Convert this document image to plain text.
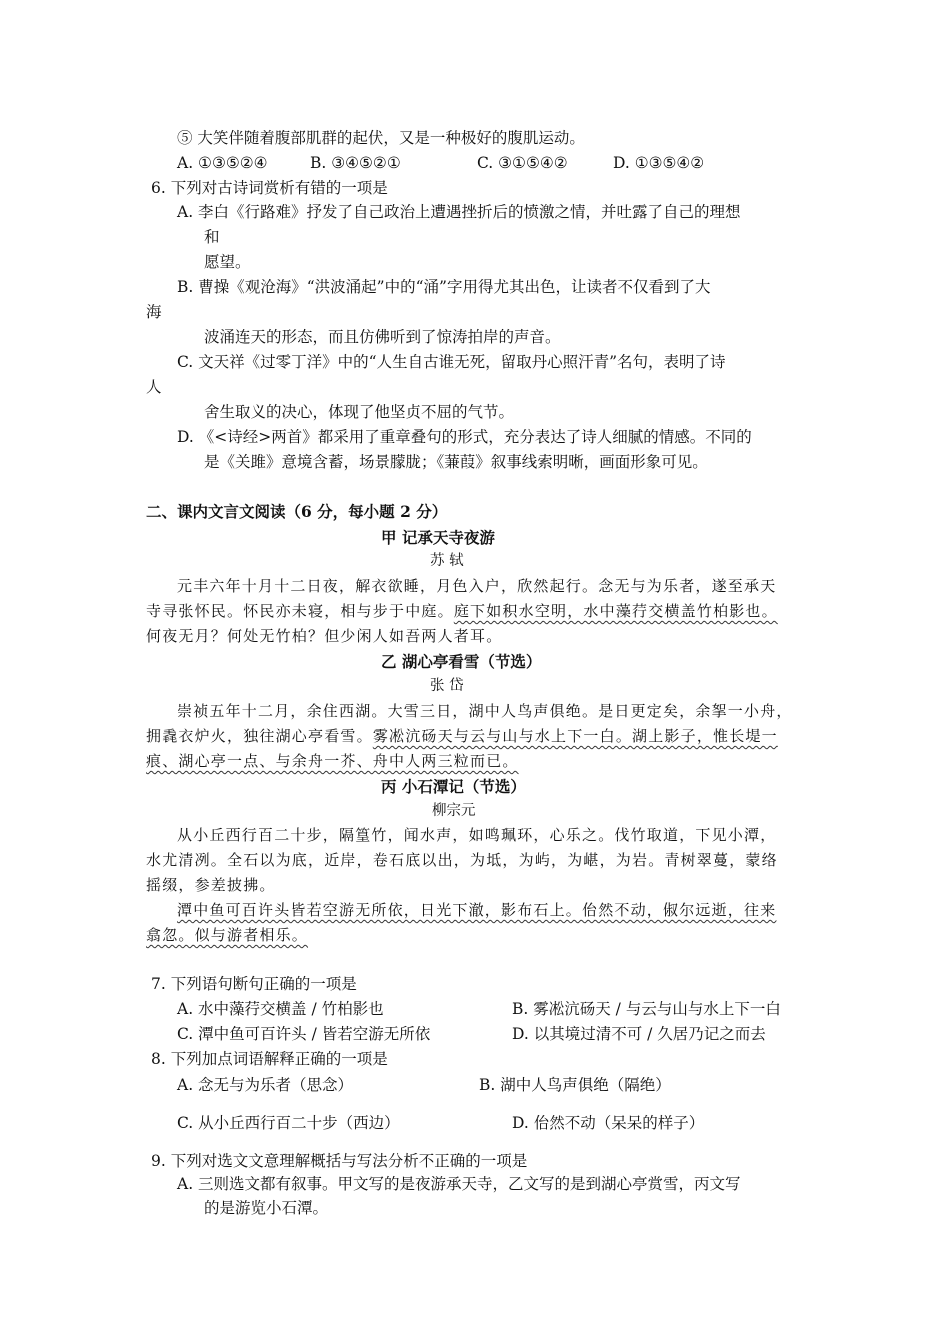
⑤ 大笑伴随着腹部肌群的起伏，又是一种极好的腹肌运动。
A. ①③⑤②④	B. ③④⑤②①	C. ③①⑤④②	D. ①③⑤④②
6. 下列对古诗词赏析有错的一项是
A. 李白《行路难》抒发了自己政治上遭遇挫折后的愤激之情，并吐露了自己的理想
和
愿望。
B. 曹操《观沧海》“洪波涌起”中的“涌”字用得尤其出色，让读者不仅看到了大
海
波涌连天的形态，而且仿佛听到了惊涛拍岸的声音。
C. 文天祥《过零丁洋》中的“人生自古谁无死，留取丹心照汗青”名句，表明了诗
人
舍生取义的决心，体现了他坚贞不屈的气节。
D. 《<诗经>两首》都采用了重章叠句的形式，充分表达了诗人细腻的情感。不同的
是《关雎》意境含蓄，场景朦胧；《蒹葭》叙事线索明晰，画面形象可见。
二、课内文言文阅读（6 分，每小题 2 分）
甲 记承天寺夜游
苏 轼
元丰六年十月十二日夜，解衣欲睡，月色入户，欣然起行。念无与为乐者，遂至承天
寺寻张怀民。怀民亦未寝，相与步于中庭。庭下如积水空明，水中藻荇交横盖竹柏影也。
何夜无月？何处无竹柏？但少闲人如吾两人者耳。
乙 湖心亭看雪（节选）
张 岱
崇祯五年十二月，余住西湖。大雪三日，湖中人鸟声俱绝。是日更定矣，余挐一小舟，
拥毳衣炉火，独往湖心亭看雪。雾凇沆砀天与云与山与水上下一白。湖上影子，惟长堤一
痕、湖心亭一点、与余舟一芥、舟中人两三粒而已。
丙 小石潭记（节选）
柳宗元
从小丘西行百二十步，隔篁竹，闻水声，如鸣珮环，心乐之。伐竹取道，下见小潭，
水尤清冽。全石以为底，近岸，卷石底以出，为坻，为屿，为嵁，为岩。青树翠蔓，蒙络
摇缀，参差披拂。
潭中鱼可百许头皆若空游无所依，日光下澈，影布石上。佁然不动，俶尔远逝，往来
翕忽。似与游者相乐。
7. 下列语句断句正确的一项是
A. 水中藻荇交横盖 / 竹柏影也	B. 雾凇沆砀天 / 与云与山与水上下一白
C. 潭中鱼可百许头 / 皆若空游无所依	D. 以其境过清不可 / 久居乃记之而去
8. 下列加点词语解释正确的一项是
A. 念无与为乐者（思念）	B. 湖中人鸟声俱绝（隔绝）
C. 从小丘西行百二十步（西边）	D. 佁然不动（呆呆的样子）
9. 下列对选文文意理解概括与写法分析不正确的一项是
A. 三则选文都有叙事。甲文写的是夜游承天寺，乙文写的是到湖心亭赏雪，丙文写
的是游览小石潭。
